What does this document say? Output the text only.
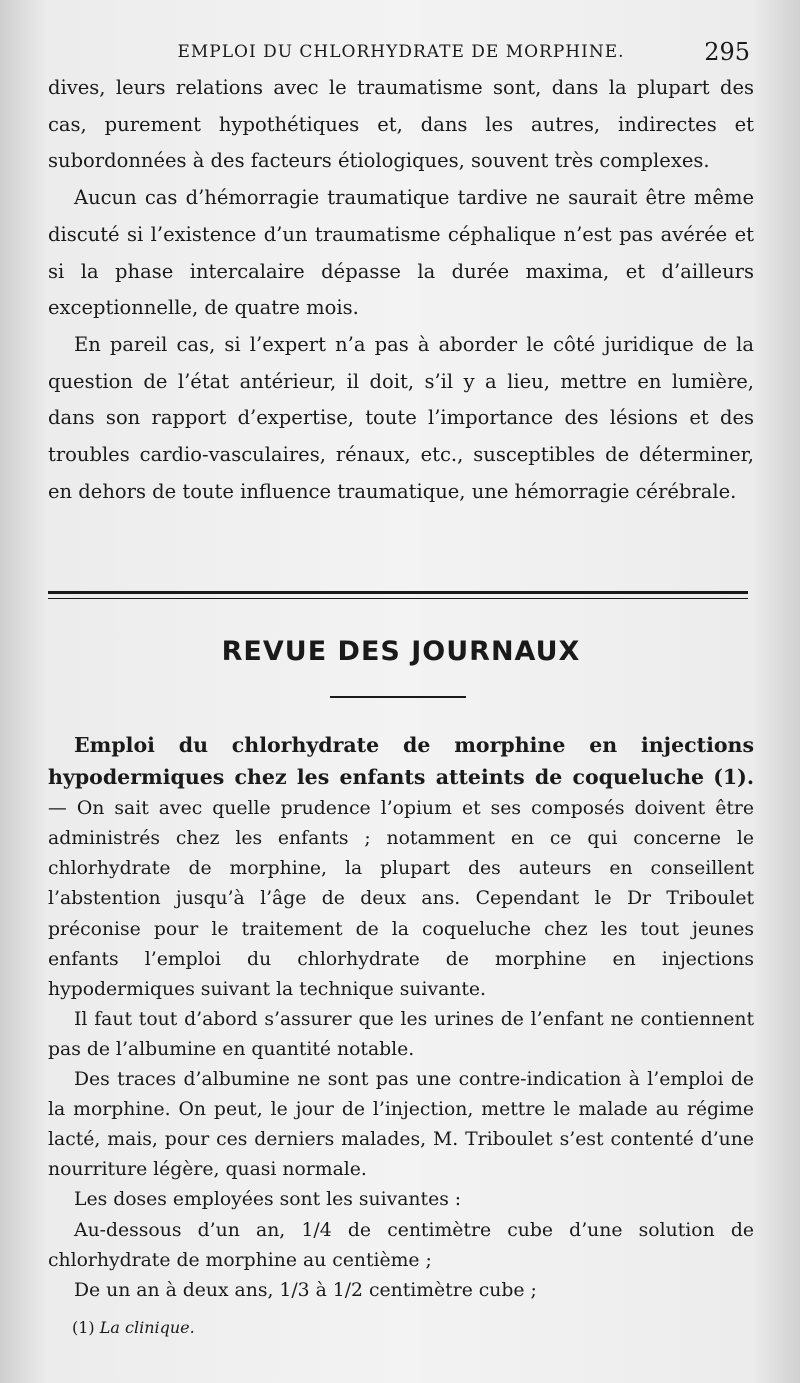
EMPLOI DU CHLORHYDRATE DE MORPHINE.	295

dives, leurs relations avec le traumatisme sont, dans la plupart des cas, purement hypothétiques et, dans les autres, indirectes et subordonnées à des facteurs étiologiques, souvent très complexes.

Aucun cas d’hémorragie traumatique tardive ne saurait être même discuté si l’existence d’un traumatisme céphalique n’est pas avérée et si la phase intercalaire dépasse la durée maxima, et d’ailleurs exceptionnelle, de quatre mois.

En pareil cas, si l’expert n’a pas à aborder le côté juridique de la question de l’état antérieur, il doit, s’il y a lieu, mettre en lumière, dans son rapport d’expertise, toute l’importance des lésions et des troubles cardio-vasculaires, rénaux, etc., susceptibles de déterminer, en dehors de toute influence traumatique, une hémorragie cérébrale.

REVUE DES JOURNAUX

Emploi du chlorhydrate de morphine en injections hypodermiques chez les enfants atteints de coqueluche (1). — On sait avec quelle prudence l’opium et ses composés doivent être administrés chez les enfants ; notamment en ce qui concerne le chlorhydrate de morphine, la plupart des auteurs en conseillent l’abstention jusqu’à l’âge de deux ans. Cependant le Dr Triboulet préconise pour le traitement de la coqueluche chez les tout jeunes enfants l’emploi du chlorhydrate de morphine en injections hypodermiques suivant la technique suivante.

Il faut tout d’abord s’assurer que les urines de l’enfant ne contiennent pas de l’albumine en quantité notable.

Des traces d’albumine ne sont pas une contre-indication à l’emploi de la morphine. On peut, le jour de l’injection, mettre le malade au régime lacté, mais, pour ces derniers malades, M. Triboulet s’est contenté d’une nourriture légère, quasi normale.

Les doses employées sont les suivantes :

Au-dessous d’un an, 1/4 de centimètre cube d’une solution de chlorhydrate de morphine au centième ;

De un an à deux ans, 1/3 à 1/2 centimètre cube ;

(1) La clinique.
